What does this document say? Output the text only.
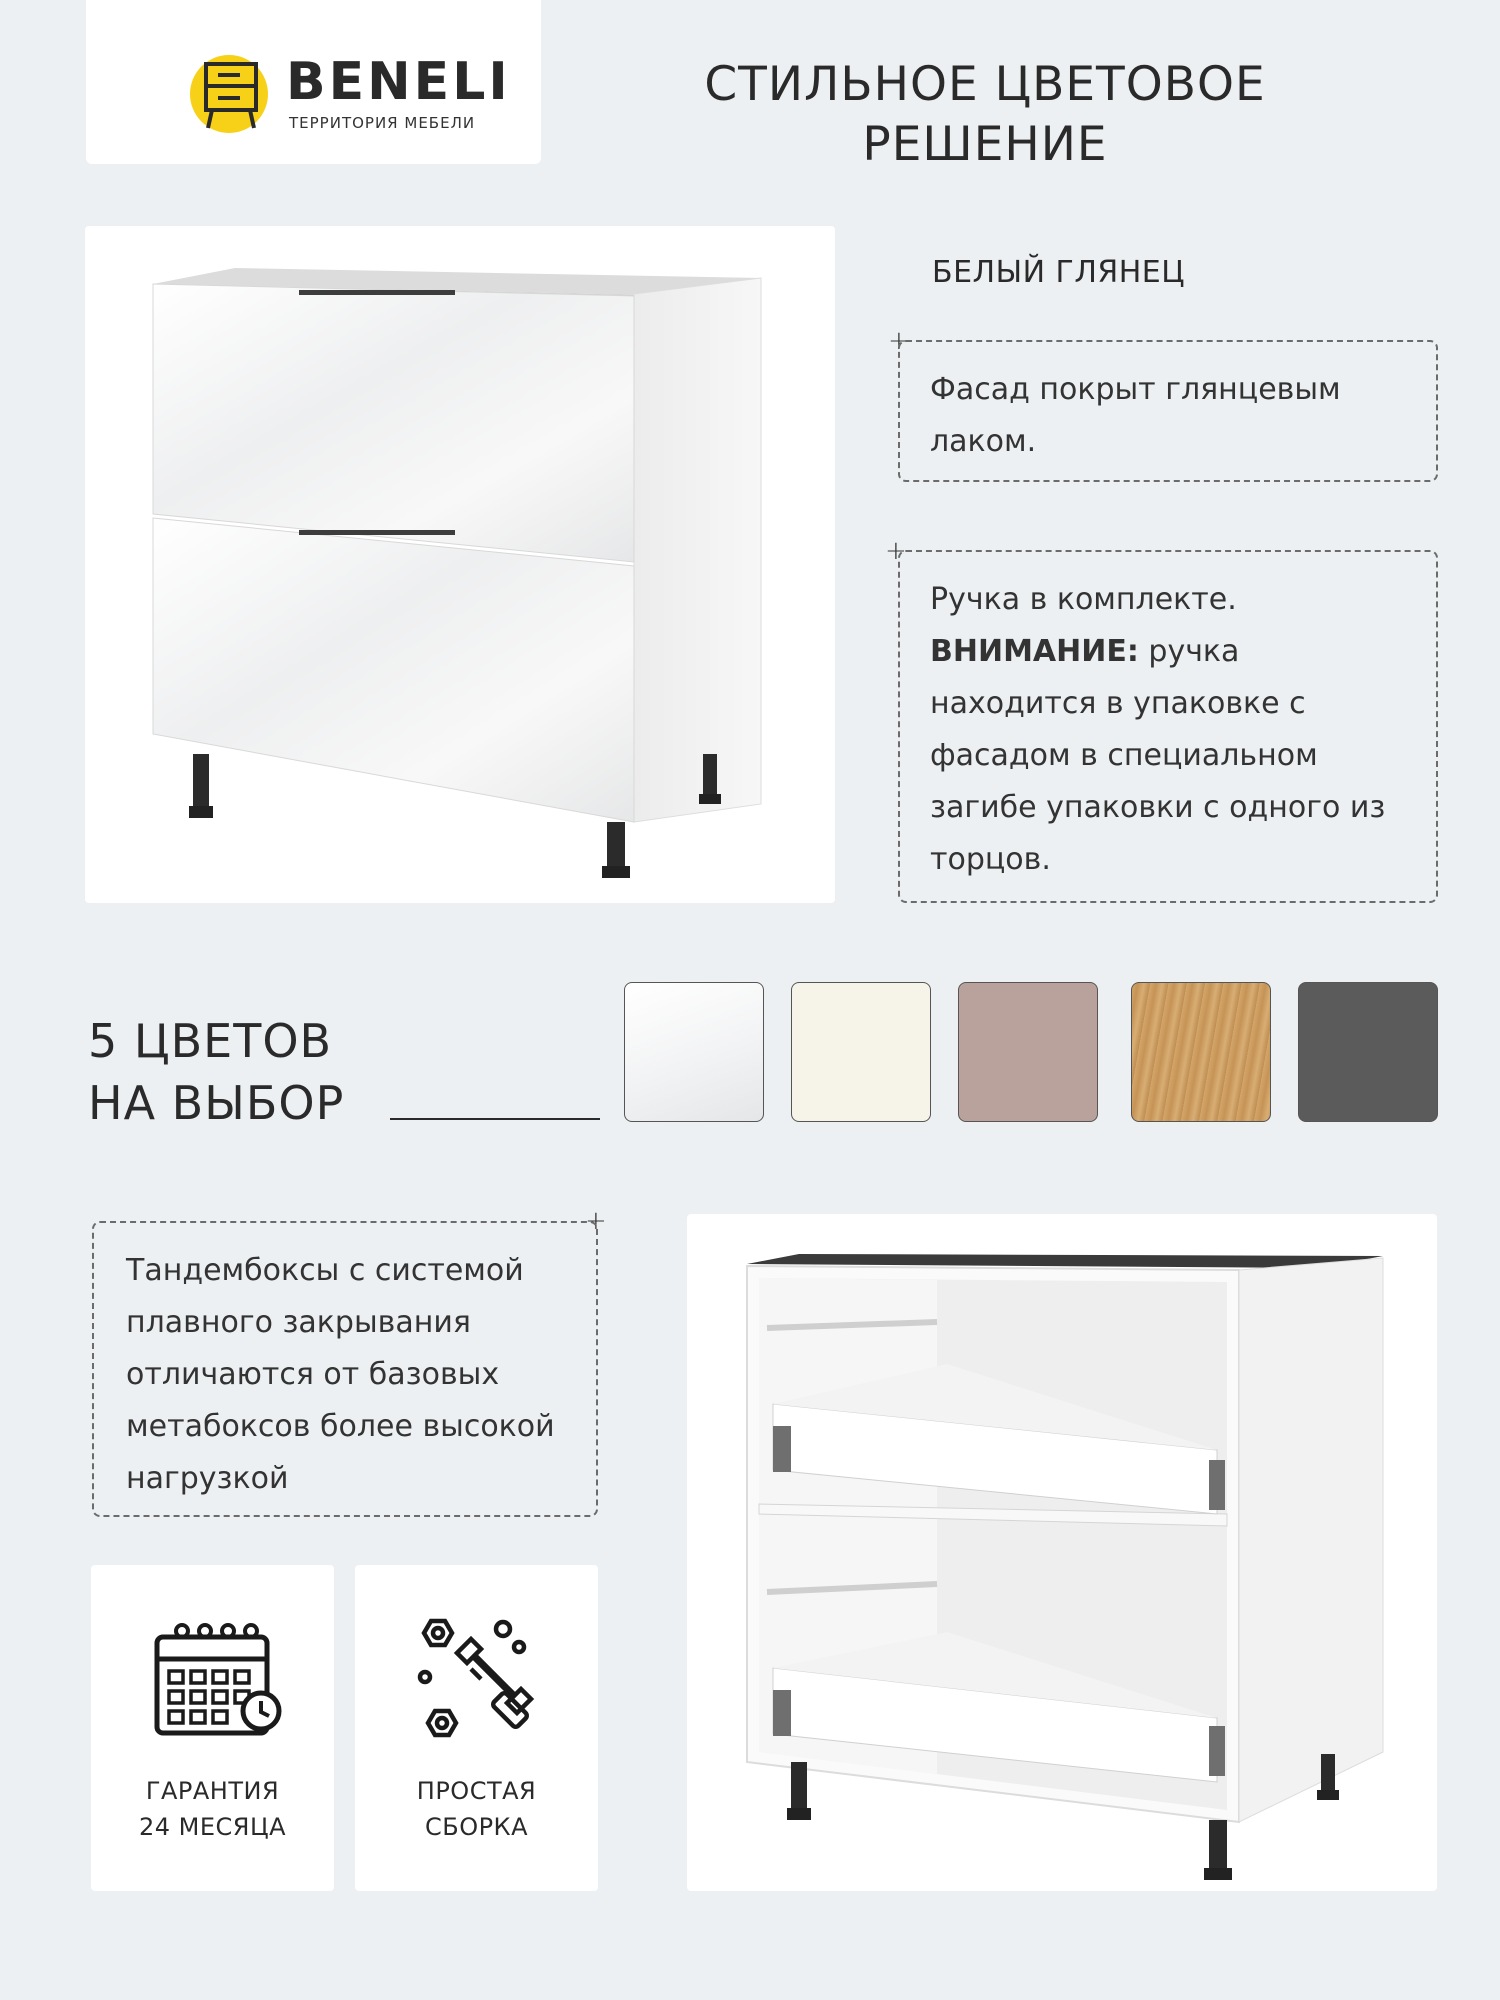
BENELI
ТЕРРИТОРИЯ МЕБЕЛИ
СТИЛЬНОЕ ЦВЕТОВОЕ
РЕШЕНИЕ
БЕЛЫЙ ГЛЯНЕЦ
+
Фасад покрыт глянцевым лаком.
+
Ручка в комплекте.
ВНИМАНИЕ: ручка находится в упаковке с фасадом в специальном загибе упаковки с одного из торцов.
5 ЦВЕТОВ
НА ВЫБОР
+
Тандембоксы с системой плавного закрывания отличаются от базовых метабоксов более высокой нагрузкой
ГАРАНТИЯ
24 МЕСЯЦА
ПРОСТАЯ
СБОРКА
